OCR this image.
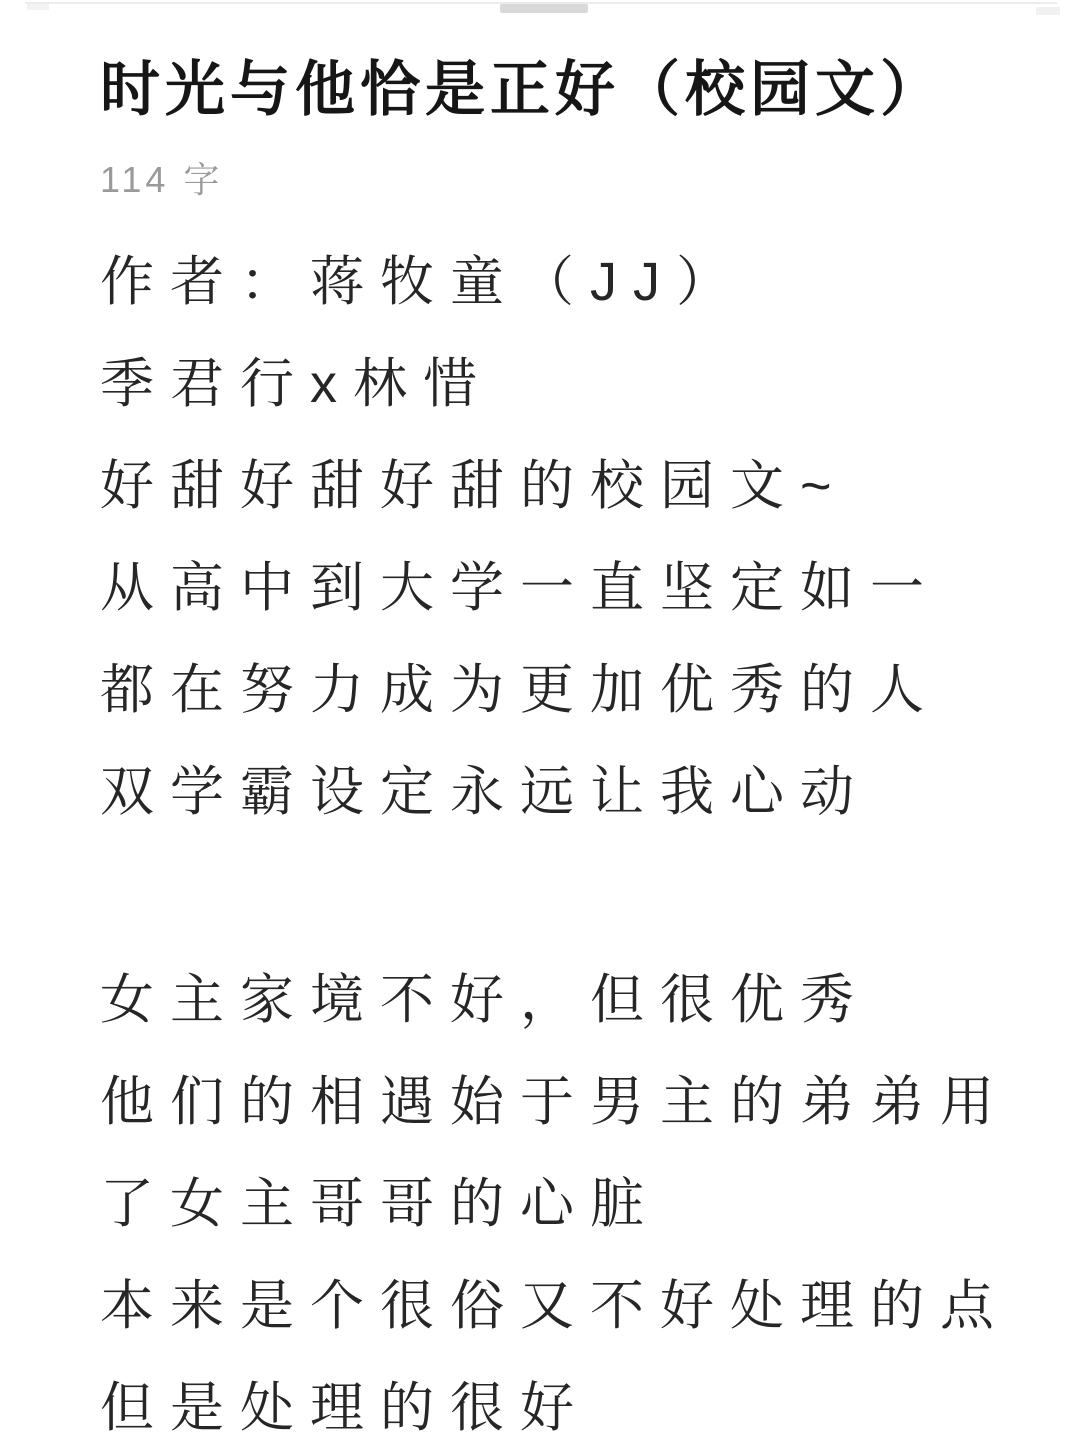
时光与他恰是正好（校园文）
114 字
作者：蒋牧童（JJ）
季君行x林惜
好甜好甜好甜的校园文~
从高中到大学一直坚定如一
都在努力成为更加优秀的人
双学霸设定永远让我心动
女主家境不好，但很优秀
他们的相遇始于男主的弟弟用
了女主哥哥的心脏
本来是个很俗又不好处理的点
但是处理的很好
